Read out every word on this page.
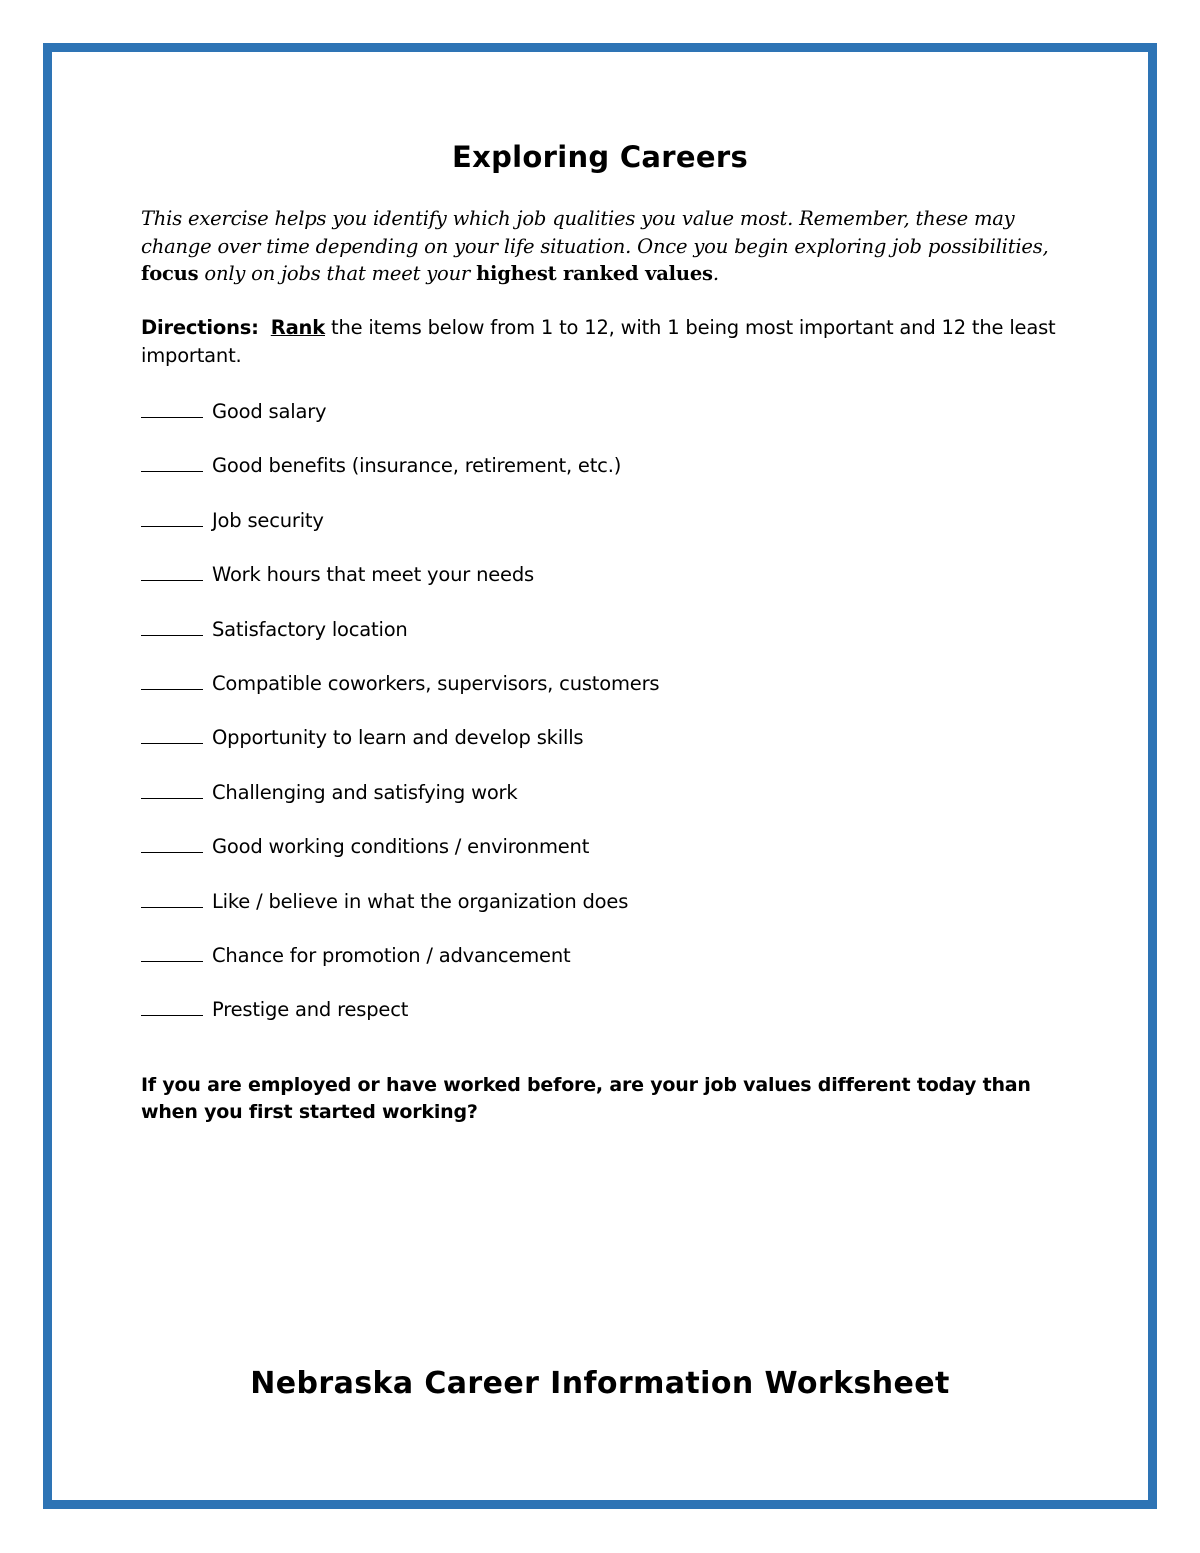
Exploring Careers

This exercise helps you identify which job qualities you value most. Remember, these may change over time depending on your life situation. Once you begin exploring job possibilities, focus only on jobs that meet your highest ranked values.

Directions: Rank the items below from 1 to 12, with 1 being most important and 12 the least important.

Good salary
Good benefits (insurance, retirement, etc.)
Job security
Work hours that meet your needs
Satisfactory location
Compatible coworkers, supervisors, customers
Opportunity to learn and develop skills
Challenging and satisfying work
Good working conditions / environment
Like / believe in what the organization does
Chance for promotion / advancement
Prestige and respect

If you are employed or have worked before, are your job values different today than when you first started working?

Nebraska Career Information Worksheet
